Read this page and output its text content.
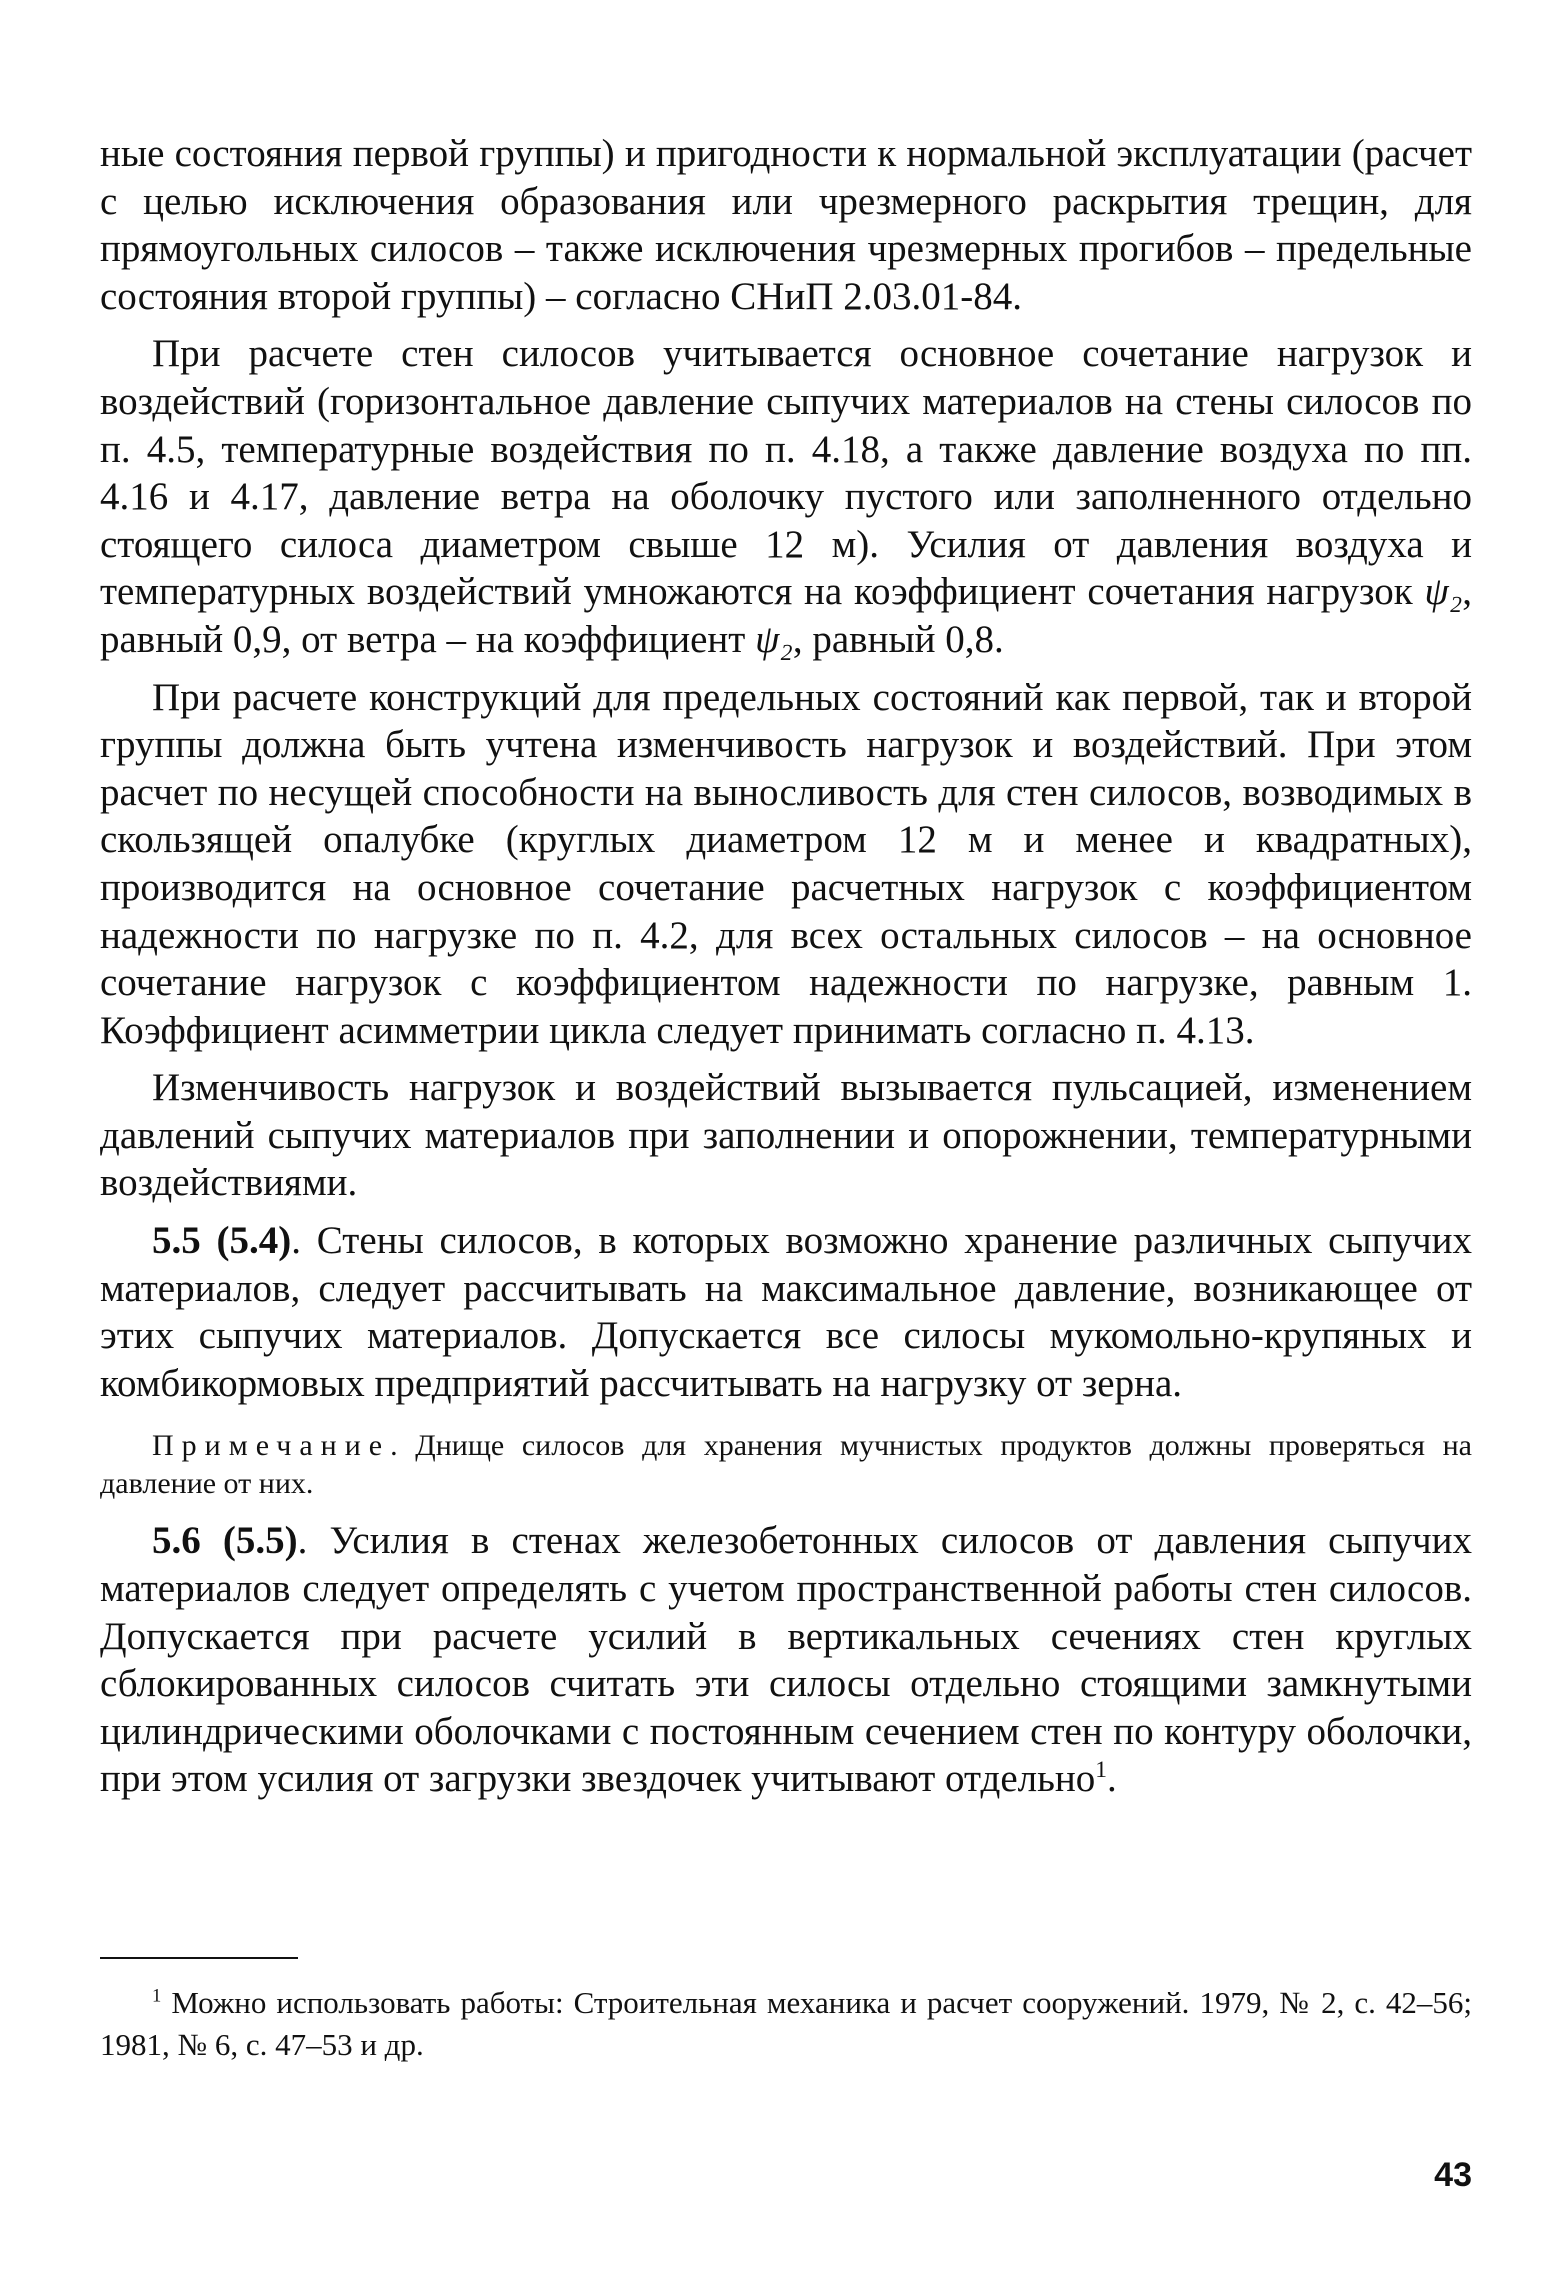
ные состояния первой группы) и пригодности к нормальной эксплуатации (расчет с целью исключения образования или чрезмерного раскрытия трещин, для прямоугольных силосов – также исключения чрезмерных прогибов – предельные состояния второй группы) – согласно СНиП 2.03.01-84.

При расчете стен силосов учитывается основное сочетание нагрузок и воздействий (горизонтальное давление сыпучих материалов на стены силосов по п. 4.5, температурные воздействия по п. 4.18, а также давление воздуха по пп. 4.16 и 4.17, давление ветра на оболочку пустого или заполненного отдельно стоящего силоса диаметром свыше 12 м). Усилия от давления воздуха и температурных воздействий умножаются на коэффициент сочетания нагрузок ψ₂, равный 0,9, от ветра – на коэффициент ψ₂, равный 0,8.

При расчете конструкций для предельных состояний как первой, так и второй группы должна быть учтена изменчивость нагрузок и воздействий. При этом расчет по несущей способности на выносливость для стен силосов, возводимых в скользящей опалубке (круглых диаметром 12 м и менее и квадратных), производится на основное сочетание расчетных нагрузок с коэффициентом надежности по нагрузке по п. 4.2, для всех остальных силосов – на основное сочетание нагрузок с коэффициентом надежности по нагрузке, равным 1. Коэффициент асимметрии цикла следует принимать согласно п. 4.13.

Изменчивость нагрузок и воздействий вызывается пульсацией, изменением давлений сыпучих материалов при заполнении и опорожнении, температурными воздействиями.

5.5 (5.4). Стены силосов, в которых возможно хранение различных сыпучих материалов, следует рассчитывать на максимальное давление, возникающее от этих сыпучих материалов. Допускается все силосы мукомольно-крупяных и комбикормовых предприятий рассчитывать на нагрузку от зерна.

Примечание. Днище силосов для хранения мучнистых продуктов должны проверяться на давление от них.

5.6 (5.5). Усилия в стенах железобетонных силосов от давления сыпучих материалов следует определять с учетом пространственной работы стен силосов. Допускается при расчете усилий в вертикальных сечениях стен круглых сблокированных силосов считать эти силосы отдельно стоящими замкнутыми цилиндрическими оболочками с постоянным сечением стен по контуру оболочки, при этом усилия от загрузки звездочек учитывают отдельно$^1$.

$^1$ Можно использовать работы: Строительная механика и расчет сооружений. 1979, № 2, с. 42–56; 1981, № 6, с. 47–53 и др.
43
